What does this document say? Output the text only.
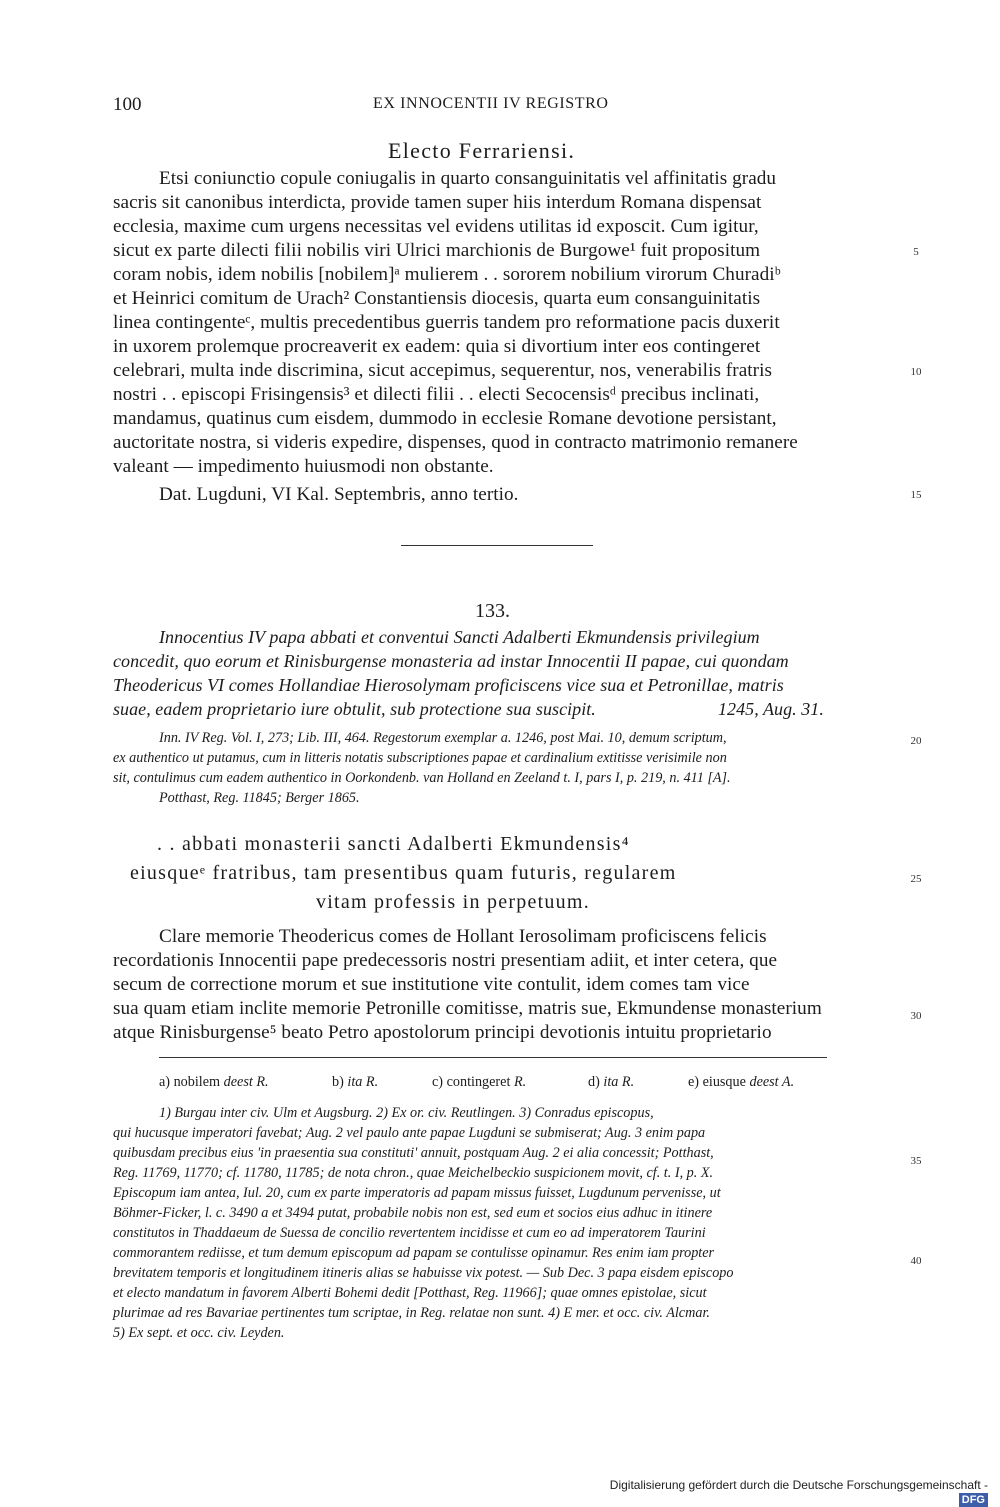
100	EX INNOCENTII IV REGISTRO
Electo Ferrariensi.
Etsi coniunctio copule coniugalis in quarto consanguinitatis vel affinitatis gradu
sacris sit canonibus interdicta, provide tamen super hiis interdum Romana dispensat
ecclesia, maxime cum urgens necessitas vel evidens utilitas id exposcit. Cum igitur,
sicut ex parte dilecti filii nobilis viri Ulrici marchionis de Burgowe¹ fuit propositum
coram nobis, idem nobilis [nobilem]ᵃ mulierem . . sororem nobilium virorum Churadiᵇ
et Heinrici comitum de Urach² Constantiensis diocesis, quarta eum consanguinitatis
linea contingenteᶜ, multis precedentibus guerris tandem pro reformatione pacis duxerit
in uxorem prolemque procreaverit ex eadem: quia si divortium inter eos contingeret
celebrari, multa inde discrimina, sicut accepimus, sequerentur, nos, venerabilis fratris
nostri . . episcopi Frisingensis³ et dilecti filii . . electi Secocensisᵈ precibus inclinati,
mandamus, quatinus cum eisdem, dummodo in ecclesie Romane devotione persistant,
auctoritate nostra, si videris expedire, dispenses, quod in contracto matrimonio remanere
valeant — impedimento huiusmodi non obstante.
Dat. Lugduni, VI Kal. Septembris, anno tertio.
5
10
15
133.
Innocentius IV papa abbati et conventui Sancti Adalberti Ekmundensis privilegium
concedit, quo eorum et Rinisburgense monasteria ad instar Innocentii II papae, cui quondam
Theodericus VI comes Hollandiae Hierosolymam proficiscens vice sua et Petronillae, matris
suae, eadem proprietario iure obtulit, sub protectione sua suscipit.	1245, Aug. 31.
Inn. IV Reg. Vol. I, 273; Lib. III, 464. Regestorum exemplar a. 1246, post Mai. 10, demum scriptum,
ex authentico ut putamus, cum in litteris notatis subscriptiones papae et cardinalium extitisse verisimile non
sit, contulimus cum eadem authentico in Oorkondenb. van Holland en Zeeland t. I, pars I, p. 219, n. 411 [A].
Potthast, Reg. 11845; Berger 1865.
. . abbati monasterii sancti Adalberti Ekmundensis⁴
eiusqueᵉ fratribus, tam presentibus quam futuris, regularem
vitam professis in perpetuum.
Clare memorie Theodericus comes de Hollant Ierosolimam proficiscens felicis
recordationis Innocentii pape predecessoris nostri presentiam adiit, et inter cetera, que
secum de correctione morum et sue institutione vite contulit, idem comes tam vice
sua quam etiam inclite memorie Petronille comitisse, matris sue, Ekmundense monasterium
atque Rinisburgense⁵ beato Petro apostolorum principi devotionis intuitu proprietario
20
25
30
a) nobilem deest R.	b) ita R.	c) contingeret R.	d) ita R.	e) eiusque deest A.
1) Burgau inter civ. Ulm et Augsburg. 2) Ex or. civ. Reutlingen. 3) Conradus episcopus,
qui hucusque imperatori favebat; Aug. 2 vel paulo ante papae Lugduni se submiserat; Aug. 3 enim papa
quibusdam precibus eius 'in praesentia sua constituti' annuit, postquam Aug. 2 ei alia concessit; Potthast,
Reg. 11769, 11770; cf. 11780, 11785; de nota chron., quae Meichelbeckio suspicionem movit, cf. t. I, p. X.
Episcopum iam antea, Iul. 20, cum ex parte imperatoris ad papam missus fuisset, Lugdunum pervenisse, ut
Böhmer-Ficker, l. c. 3490 a et 3494 putat, probabile nobis non est, sed eum et socios eius adhuc in itinere
constitutos in Thaddaeum de Suessa de concilio revertentem incidisse et cum eo ad imperatorem Taurini
commorantem rediisse, et tum demum episcopum ad papam se contulisse opinamur. Res enim iam propter
brevitatem temporis et longitudinem itineris alias se habuisse vix potest. — Sub Dec. 3 papa eisdem episcopo
et electo mandatum in favorem Alberti Bohemi dedit [Potthast, Reg. 11966]; quae omnes epistolae, sicut
plurimae ad res Bavariae pertinentes tum scriptae, in Reg. relatae non sunt. 4) E mer. et occ. civ. Alcmar.
5) Ex sept. et occ. civ. Leyden.
35
40
Digitalisierung gefördert durch die Deutsche Forschungsgemeinschaft -DFG
